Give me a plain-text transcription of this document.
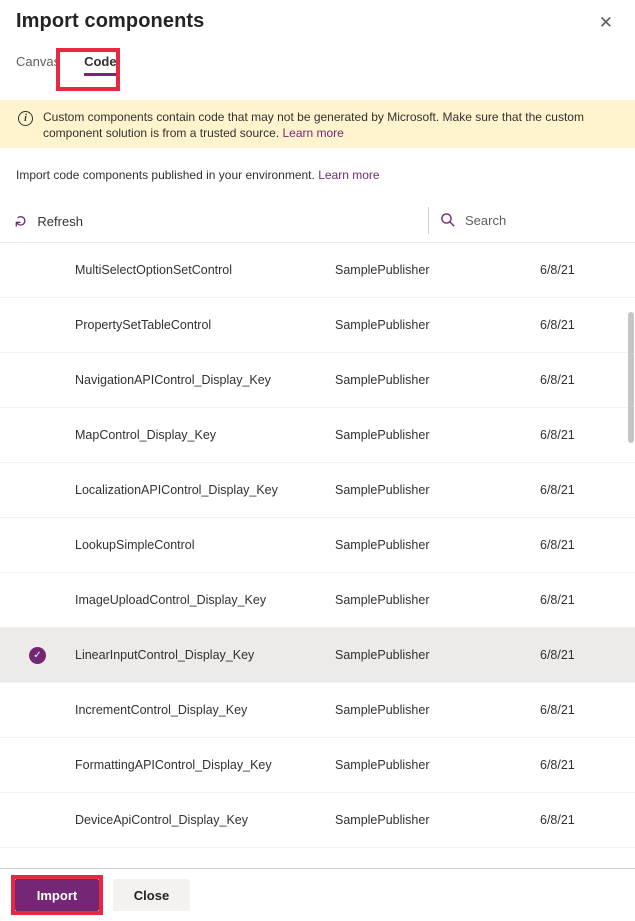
Import components	✕
Canvas Code
i	Custom components contain code that may not be generated by Microsoft. Make sure that the custom component solution is from a trusted source. Learn more
Import code components published in your environment. Learn more
↻ Refresh
Search
MultiSelectOptionSetControl	SamplePublisher	6/8/21
PropertySetTableControl	SamplePublisher	6/8/21
NavigationAPIControl_Display_Key	SamplePublisher	6/8/21
MapControl_Display_Key	SamplePublisher	6/8/21
LocalizationAPIControl_Display_Key	SamplePublisher	6/8/21
LookupSimpleControl	SamplePublisher	6/8/21
ImageUploadControl_Display_Key	SamplePublisher	6/8/21
✓	LinearInputControl_Display_Key	SamplePublisher	6/8/21
IncrementControl_Display_Key	SamplePublisher	6/8/21
FormattingAPIControl_Display_Key	SamplePublisher	6/8/21
DeviceApiControl_Display_Key	SamplePublisher	6/8/21
Import	Close
